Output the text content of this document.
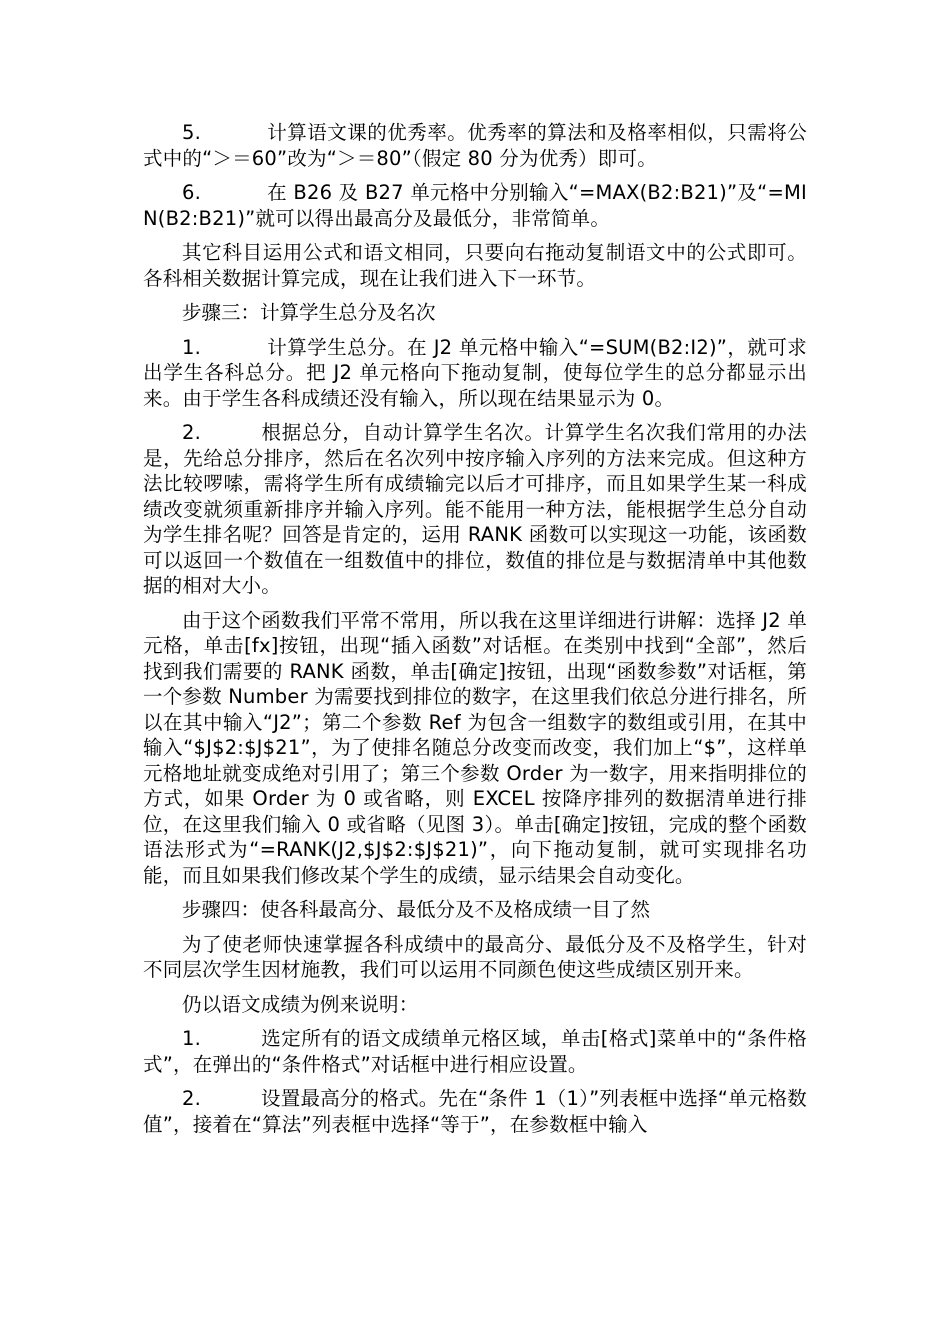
5.	计算语文课的优秀率。优秀率的算法和及格率相似，只需将公式中的“＞＝60”改为“＞＝80”（假定 80 分为优秀）即可。

6.	在 B26 及 B27 单元格中分别输入“=MAX(B2:B21)”及“=MIN(B2:B21)”就可以得出最高分及最低分，非常简单。

其它科目运用公式和语文相同，只要向右拖动复制语文中的公式即可。各科相关数据计算完成，现在让我们进入下一环节。

步骤三：计算学生总分及名次

1.	计算学生总分。在 J2 单元格中输入“=SUM(B2:I2)”，就可求出学生各科总分。把 J2 单元格向下拖动复制，使每位学生的总分都显示出来。由于学生各科成绩还没有输入，所以现在结果显示为 0。

2.	根据总分，自动计算学生名次。计算学生名次我们常用的办法是，先给总分排序，然后在名次列中按序输入序列的方法来完成。但这种方法比较啰嗦，需将学生所有成绩输完以后才可排序，而且如果学生某一科成绩改变就须重新排序并输入序列。能不能用一种方法，能根据学生总分自动为学生排名呢？回答是肯定的，运用 RANK 函数可以实现这一功能，该函数可以返回一个数值在一组数值中的排位，数值的排位是与数据清单中其他数据的相对大小。

由于这个函数我们平常不常用，所以我在这里详细进行讲解：选择 J2 单元格，单击[fx]按钮，出现“插入函数”对话框。在类别中找到“全部”，然后找到我们需要的 RANK 函数，单击[确定]按钮，出现“函数参数”对话框，第一个参数 Number 为需要找到排位的数字，在这里我们依总分进行排名，所以在其中输入“J2”；第二个参数 Ref 为包含一组数字的数组或引用，在其中输入“$J$2:$J$21”，为了使排名随总分改变而改变，我们加上“$”，这样单元格地址就变成绝对引用了；第三个参数 Order 为一数字，用来指明排位的方式，如果 Order 为 0 或省略，则 EXCEL 按降序排列的数据清单进行排位，在这里我们输入 0 或省略（见图 3）。单击[确定]按钮，完成的整个函数语法形式为“=RANK(J2,$J$2:$J$21)”，向下拖动复制，就可实现排名功能，而且如果我们修改某个学生的成绩，显示结果会自动变化。

步骤四：使各科最高分、最低分及不及格成绩一目了然

为了使老师快速掌握各科成绩中的最高分、最低分及不及格学生，针对不同层次学生因材施教，我们可以运用不同颜色使这些成绩区别开来。

仍以语文成绩为例来说明：

1.	选定所有的语文成绩单元格区域，单击[格式]菜单中的“条件格式”，在弹出的“条件格式”对话框中进行相应设置。

2.	设置最高分的格式。先在“条件 1（1）”列表框中选择“单元格数值”，接着在“算法”列表框中选择“等于”，在参数框中输入
